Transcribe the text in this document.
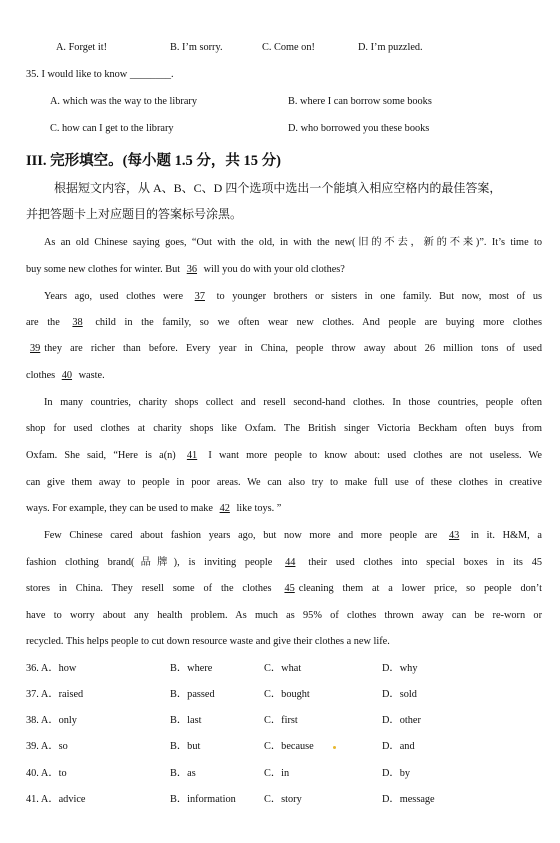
A. Forget it!	B. I’m sorry.	C. Come on!	D. I’m puzzled.
35. I would like to know ________.
A. which was the way to the library	B. where I can borrow some books
C. how can I get to the library	D. who borrowed you these books
III. 完形填空。(每小题 1.5 分，共 15 分)
根据短文内容，从 A、B、C、D 四个选项中选出一个能填入相应空格内的最佳答案，
并把答题卡上对应题目的答案标号涂黑。
As an old Chinese saying goes, “Out with the old, in with the new(旧的不去，新的不来)”. It’s time to
buy some new clothes for winter. But 36 will you do with your old clothes?
Years ago, used clothes were 37 to younger brothers or sisters in one family. But now, most of us
are the 38 child in the family, so we often wear new clothes. And people are buying more clothes
39 they are richer than before. Every year in China, people throw away about 26 million tons of used
clothes 40 waste.
In many countries, charity shops collect and resell second-hand clothes. In those countries, people often
shop for used clothes at charity shops like Oxfam. The British singer Victoria Beckham often buys from
Oxfam. She said, “Here is a(n) 41 I want more people to know about: used clothes are not useless. We
can give them away to people in poor areas. We can also try to make full use of these clothes in creative
ways. For example, they can be used to make 42 like toys. ”
Few Chinese cared about fashion years ago, but now more and more people are 43 in it. H&M, a
fashion clothing brand(品牌), is inviting people 44 their used clothes into special boxes in its 45
stores in China. They resell some of the clothes 45 cleaning them at a lower price, so people don’t
have to worry about any health problem. As much as 95% of clothes thrown away can be re-worn or
recycled. This helps people to cut down resource waste and give their clothes a new life.
36. A．how	B．where	C．what	D．why
37. A．raised	B．passed	C．bought	D．sold
38. A．only	B．last	C．first	D．other
39. A．so	B．but	C．because	D．and
40. A．to	B．as	C．in	D．by
41. A．advice	B．information	C．story	D．message
